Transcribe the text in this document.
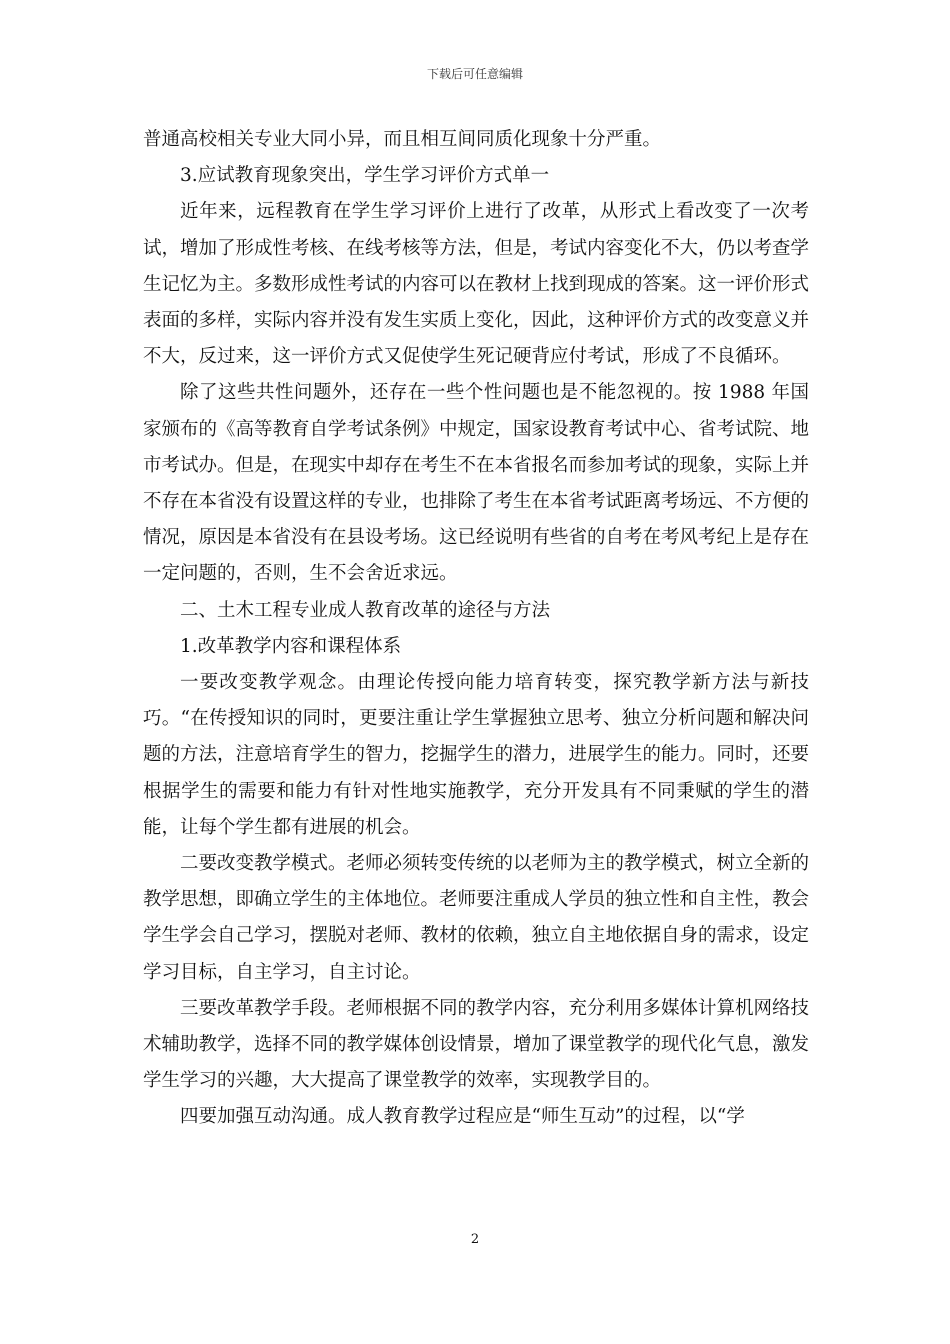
下载后可任意编辑

普通高校相关专业大同小异，而且相互间同质化现象十分严重。

3.应试教育现象突出，学生学习评价方式单一

近年来，远程教育在学生学习评价上进行了改革，从形式上看改变了一次考试，增加了形成性考核、在线考核等方法，但是，考试内容变化不大，仍以考查学生记忆为主。多数形成性考试的内容可以在教材上找到现成的答案。这一评价形式表面的多样，实际内容并没有发生实质上变化，因此，这种评价方式的改变意义并不大，反过来，这一评价方式又促使学生死记硬背应付考试，形成了不良循环。

除了这些共性问题外，还存在一些个性问题也是不能忽视的。按 1988 年国家颁布的《高等教育自学考试条例》中规定，国家设教育考试中心、省考试院、地市考试办。但是，在现实中却存在考生不在本省报名而参加考试的现象，实际上并不存在本省没有设置这样的专业，也排除了考生在本省考试距离考场远、不方便的情况，原因是本省没有在县设考场。这已经说明有些省的自考在考风考纪上是存在一定问题的，否则，生不会舍近求远。

二、土木工程专业成人教育改革的途径与方法

1.改革教学内容和课程体系

一要改变教学观念。由理论传授向能力培育转变，探究教学新方法与新技巧。“在传授知识的同时，更要注重让学生掌握独立思考、独立分析问题和解决问题的方法，注意培育学生的智力，挖掘学生的潜力，进展学生的能力。同时，还要根据学生的需要和能力有针对性地实施教学，充分开发具有不同秉赋的学生的潜能，让每个学生都有进展的机会。

二要改变教学模式。老师必须转变传统的以老师为主的教学模式，树立全新的教学思想，即确立学生的主体地位。老师要注重成人学员的独立性和自主性，教会学生学会自己学习，摆脱对老师、教材的依赖，独立自主地依据自身的需求，设定学习目标，自主学习，自主讨论。

三要改革教学手段。老师根据不同的教学内容，充分利用多媒体计算机网络技术辅助教学，选择不同的教学媒体创设情景，增加了课堂教学的现代化气息，激发学生学习的兴趣，大大提高了课堂教学的效率，实现教学目的。

四要加强互动沟通。成人教育教学过程应是“师生互动”的过程，以“学

2
